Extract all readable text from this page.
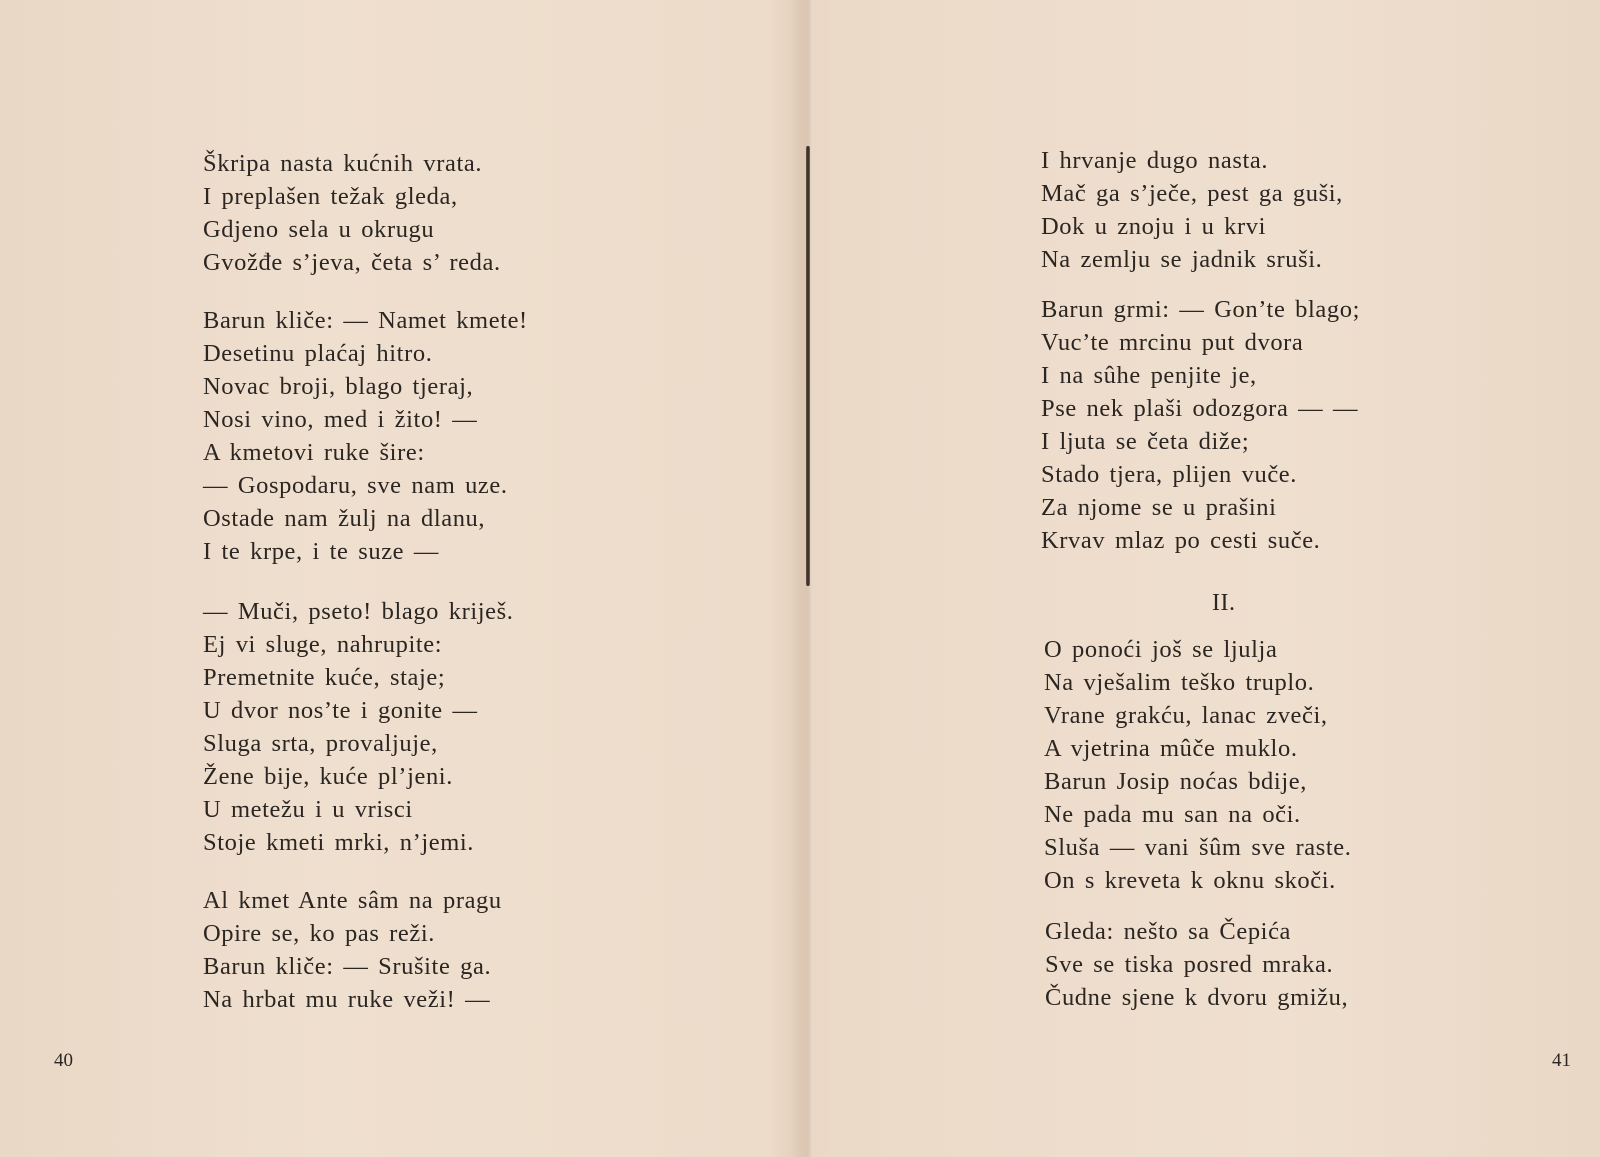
Škripa nasta kućnih vrata.
I preplašen težak gleda,
Gdjeno sela u okrugu
Gvožđe s’jeva, četa s’ reda.
Barun kliče: — Namet kmete!
Desetinu plaćaj hitro.
Novac broji, blago tjeraj,
Nosi vino, med i žito! —
A kmetovi ruke šire:
— Gospodaru, sve nam uze.
Ostade nam žulj na dlanu,
I te krpe, i te suze —
— Muči, pseto! blago kriješ.
Ej vi sluge, nahrupite:
Premetnite kuće, staje;
U dvor nos’te i gonite —
Sluga srta, provaljuje,
Žene bije, kuće pl’jeni.
U metežu i u vrisci
Stoje kmeti mrki, n’jemi.
Al kmet Ante sâm na pragu
Opire se, ko pas reži.
Barun kliče: — Srušite ga.
Na hrbat mu ruke veži! —
40
I hrvanje dugo nasta.
Mač ga s’ječe, pest ga guši,
Dok u znoju i u krvi
Na zemlju se jadnik sruši.
Barun grmi: — Gon’te blago;
Vuc’te mrcinu put dvora
I na sûhe penjite je,
Pse nek plaši odozgora — —
I ljuta se četa diže;
Stado tjera, plijen vuče.
Za njome se u prašini
Krvav mlaz po cesti suče.
II.
O ponoći još se ljulja
Na vješalim teško truplo.
Vrane grakću, lanac zveči,
A vjetrina mûče muklo.
Barun Josip noćas bdije,
Ne pada mu san na oči.
Sluša — vani šûm sve raste.
On s kreveta k oknu skoči.
Gleda: nešto sa Čepića
Sve se tiska posred mraka.
Čudne sjene k dvoru gmižu,
41
